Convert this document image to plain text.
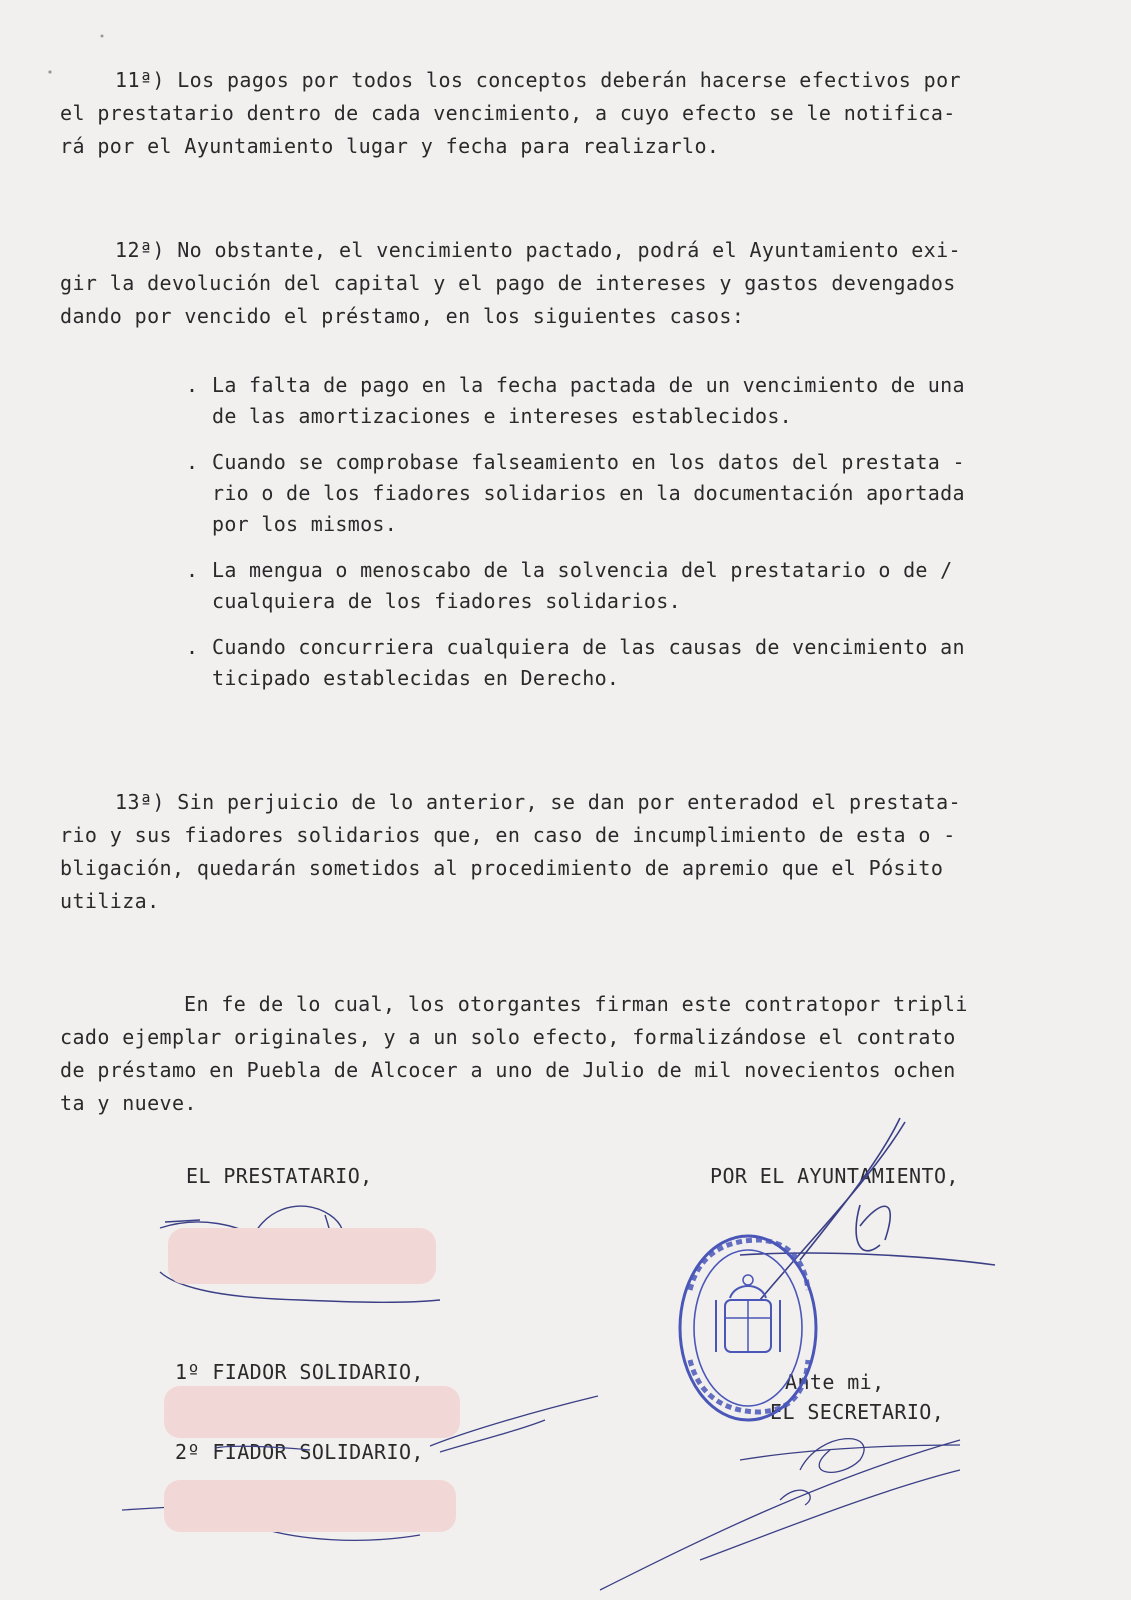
11ª) Los pagos por todos los conceptos deberán hacerse efectivos por
el prestatario dentro de cada vencimiento, a cuyo efecto se le notifica-
rá por el Ayuntamiento lugar y fecha para realizarlo.
12ª) No obstante, el vencimiento pactado, podrá el Ayuntamiento exi-
gir la devolución del capital y el pago de intereses y gastos devengados
dando por vencido el préstamo, en los siguientes casos:
. La falta de pago en la fecha pactada de un vencimiento de una
de las amortizaciones e intereses establecidos.
. Cuando se comprobase falseamiento en los datos del prestata -
rio o de los fiadores solidarios en la documentación aportada
por los mismos.
. La mengua o menoscabo de la solvencia del prestatario o de /
cualquiera de los fiadores solidarios.
. Cuando concurriera cualquiera de las causas de vencimiento an
ticipado establecidas en Derecho.
13ª) Sin perjuicio de lo anterior, se dan por enteradod el prestata-
rio y sus fiadores solidarios que, en caso de incumplimiento de esta o -
bligación, quedarán sometidos al procedimiento de apremio que el Pósito
utiliza.
En fe de lo cual, los otorgantes firman este contratopor tripli
cado ejemplar originales, y a un solo efecto, formalizándose el contrato
de préstamo en Puebla de Alcocer a uno de Julio de mil novecientos ochen
ta y nueve.
EL PRESTATARIO,	POR EL AYUNTAMIENTO,
1º FIADOR SOLIDARIO,
2º FIADOR SOLIDARIO,
Ante mi,
EL SECRETARIO,
